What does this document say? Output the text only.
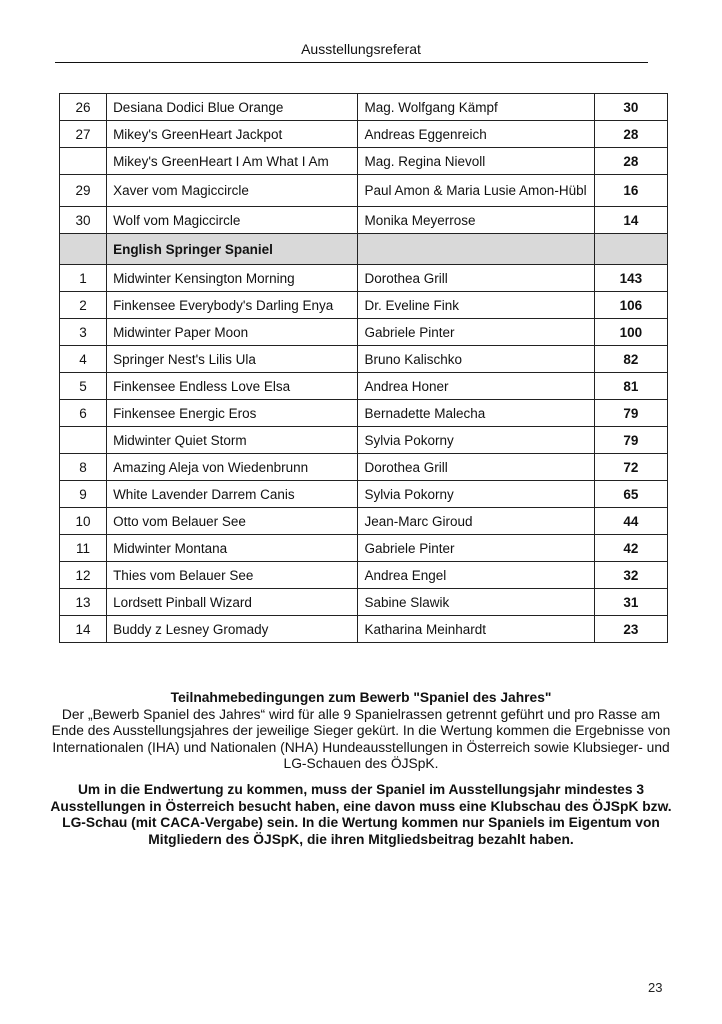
Ausstellungsreferat
26	Desiana Dodici Blue Orange	Mag. Wolfgang Kämpf	30
27	Mikey's GreenHeart Jackpot	Andreas Eggenreich	28
	Mikey's GreenHeart I Am What I Am	Mag. Regina Nievoll	28
29	Xaver vom Magiccircle	Paul Amon & Maria Lusie Amon-Hübl	16
30	Wolf vom Magiccircle	Monika Meyerrose	14
	English Springer Spaniel		
1	Midwinter Kensington Morning	Dorothea Grill	143
2	Finkensee Everybody's Darling Enya	Dr. Eveline Fink	106
3	Midwinter Paper Moon	Gabriele Pinter	100
4	Springer Nest's Lilis Ula	Bruno Kalischko	82
5	Finkensee Endless Love Elsa	Andrea Honer	81
6	Finkensee Energic Eros	Bernadette Malecha	79
	Midwinter Quiet Storm	Sylvia Pokorny	79
8	Amazing Aleja von Wiedenbrunn	Dorothea Grill	72
9	White Lavender Darrem Canis	Sylvia Pokorny	65
10	Otto vom Belauer See	Jean-Marc Giroud	44
11	Midwinter Montana	Gabriele Pinter	42
12	Thies vom Belauer See	Andrea Engel	32
13	Lordsett Pinball Wizard	Sabine Slawik	31
14	Buddy z Lesney Gromady	Katharina Meinhardt	23
Teilnahmebedingungen zum Bewerb "Spaniel des Jahres"
Der „Bewerb Spaniel des Jahres“ wird für alle 9 Spanielrassen getrennt geführt und pro Rasse am Ende des Ausstellungsjahres der jeweilige Sieger gekürt. In die Wertung kommen die Ergebnisse von Internationalen (IHA) und Nationalen (NHA) Hundeausstellungen in Österreich sowie Klubsieger- und LG-Schauen des ÖJSpK.
Um in die Endwertung zu kommen, muss der Spaniel im Ausstellungsjahr mindestes 3 Ausstellungen in Österreich besucht haben, eine davon muss eine Klubschau des ÖJSpK bzw. LG-Schau (mit CACA-Vergabe) sein. In die Wertung kommen nur Spaniels im Eigentum von Mitgliedern des ÖJSpK, die ihren Mitgliedsbeitrag bezahlt haben.
23
